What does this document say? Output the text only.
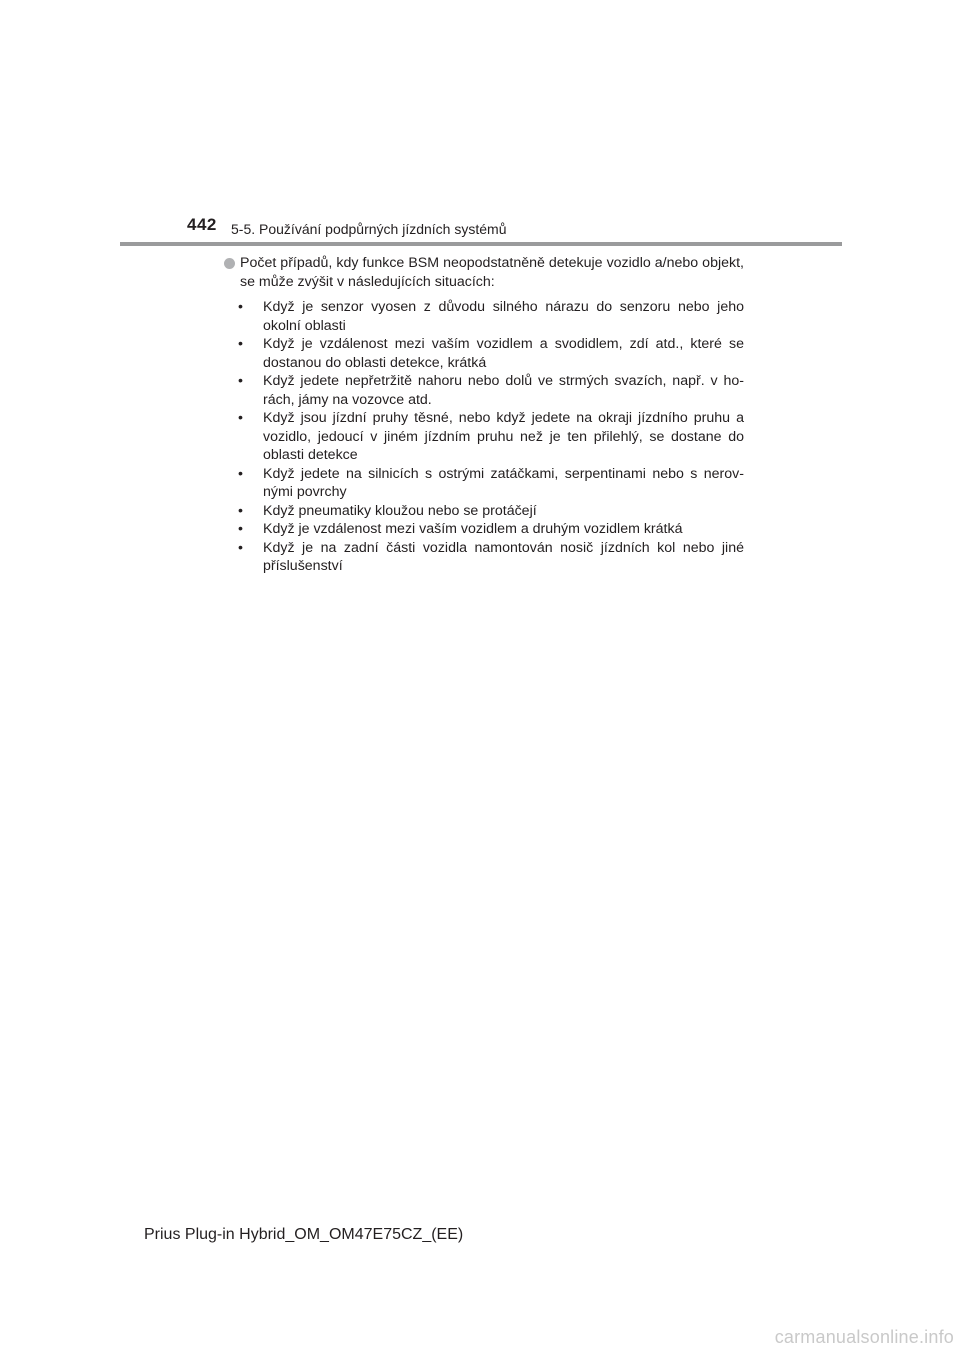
442 5-5. Používání podpůrných jízdních systémů

Počet případů, kdy funkce BSM neopodstatněně detekuje vozidlo a/nebo objekt, se může zvýšit v následujících situacích:

•	Když je senzor vyosen z důvodu silného nárazu do senzoru nebo jeho okolní oblasti
•	Když je vzdálenost mezi vaším vozidlem a svodidlem, zdí atd., které se dostanou do oblasti detekce, krátká
•	Když jedete nepřetržitě nahoru nebo dolů ve strmých svazích, např. v horách, jámy na vozovce atd.
•	Když jsou jízdní pruhy těsné, nebo když jedete na okraji jízdního pruhu a vozidlo, jedoucí v jiném jízdním pruhu než je ten přilehlý, se dostane do oblasti detekce
•	Když jedete na silnicích s ostrými zatáčkami, serpentinami nebo s nerovnými povrchy
•	Když pneumatiky kloužou nebo se protáčejí
•	Když je vzdálenost mezi vaším vozidlem a druhým vozidlem krátká
•	Když je na zadní části vozidla namontován nosič jízdních kol nebo jiné příslušenství
Prius Plug-in Hybrid_OM_OM47E75CZ_(EE)
carmanualsonline.info
